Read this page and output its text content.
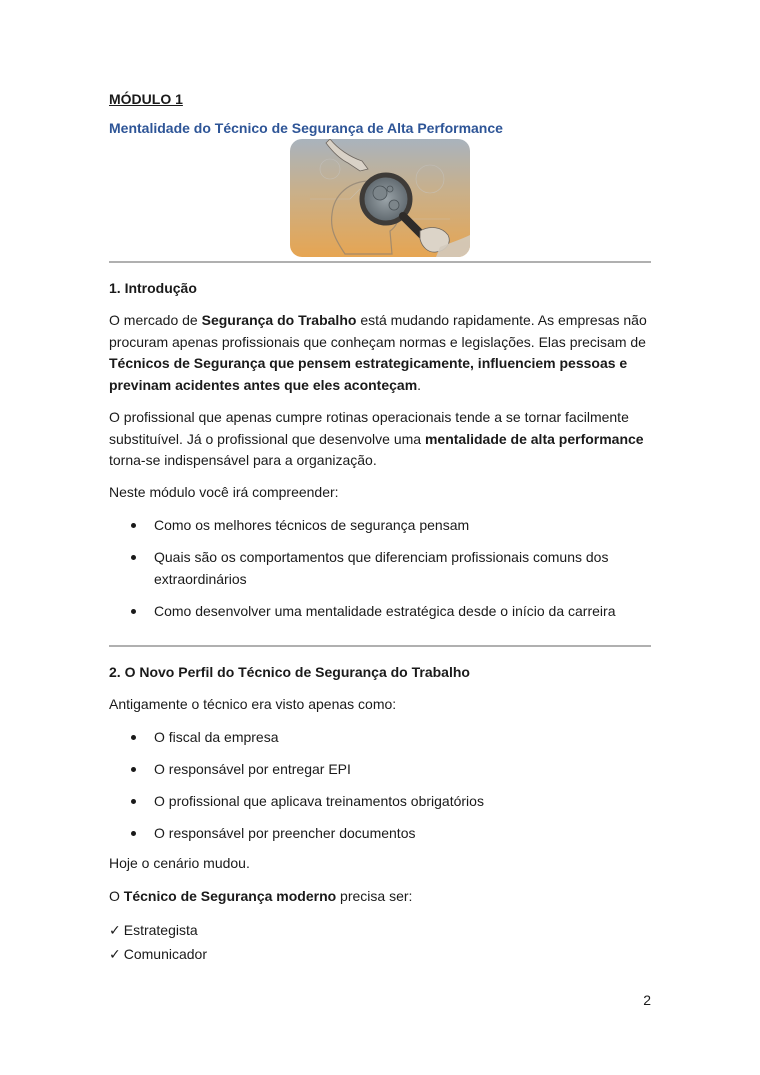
MÓDULO 1

Mentalidade do Técnico de Segurança de Alta Performance

1. Introdução

O mercado de Segurança do Trabalho está mudando rapidamente. As empresas não procuram apenas profissionais que conheçam normas e legislações. Elas precisam de Técnicos de Segurança que pensem estrategicamente, influenciem pessoas e previnam acidentes antes que eles aconteçam.

O profissional que apenas cumpre rotinas operacionais tende a se tornar facilmente substituível. Já o profissional que desenvolve uma mentalidade de alta performance torna-se indispensável para a organização.

Neste módulo você irá compreender:

Como os melhores técnicos de segurança pensam
Quais são os comportamentos que diferenciam profissionais comuns dos extraordinários
Como desenvolver uma mentalidade estratégica desde o início da carreira

2. O Novo Perfil do Técnico de Segurança do Trabalho

Antigamente o técnico era visto apenas como:

O fiscal da empresa
O responsável por entregar EPI
O profissional que aplicava treinamentos obrigatórios
O responsável por preencher documentos

Hoje o cenário mudou.

O Técnico de Segurança moderno precisa ser:

✓ Estrategista
✓ Comunicador
2
